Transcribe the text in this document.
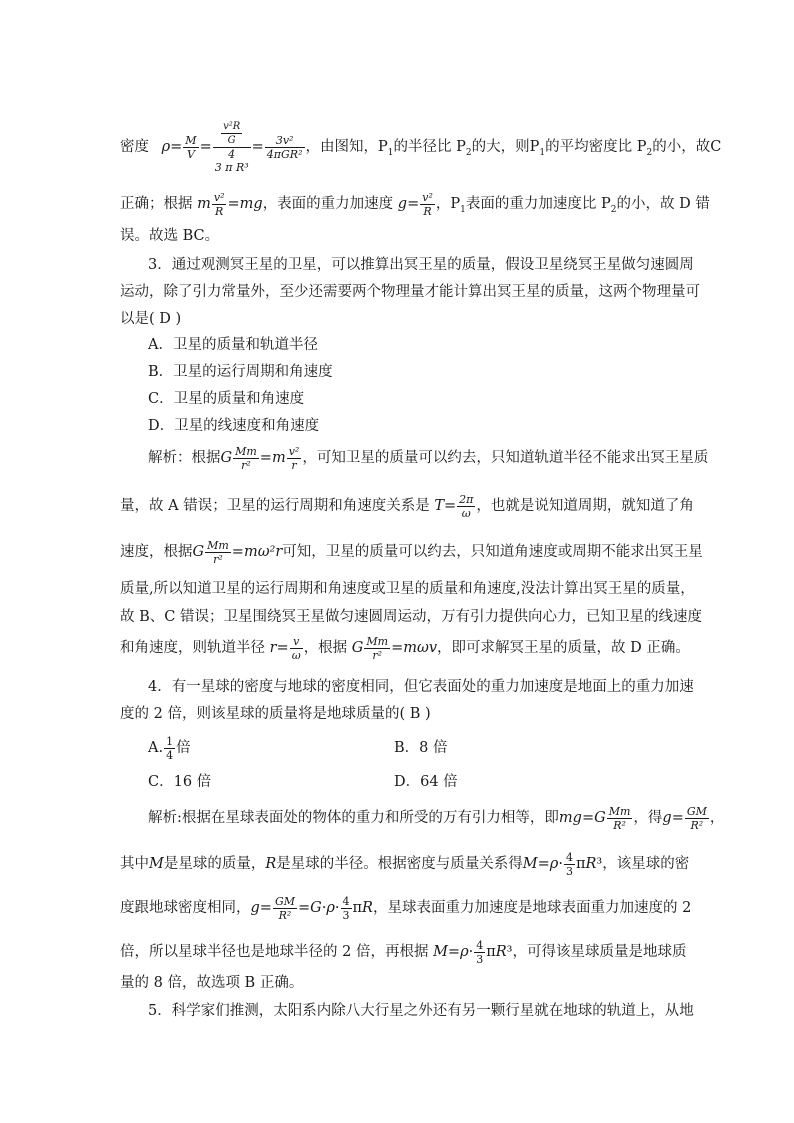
密度 $\rho= \frac{M}{V} = \frac{\text{v²R}}{G}$
4
3 π R³
=	3v²
4πGR² ，由图知，$P_1$的半径比 $P_2$的大，则$P_1$的平均密度比 $P_2$的小，故C
正确；根据 m $\frac{\text{v²}}{R} =mg$，表面的重力加速度 $g= \frac{\text{v²}}{R}$ ，$P_1$表面的重力加速度比 $P_2$的小，故 D 错
误。故选 BC。
3．通过观测冥王星的卫星，可以推算出冥王星的质量，假设卫星绕冥王星做匀速圆周
运动，除了引力常量外，至少还需要两个物理量才能计算出冥王星的质量，这两个物理量可
以是( D )
A．卫星的质量和轨道半径
B．卫星的运行周期和角速度
C．卫星的质量和角速度
D．卫星的线速度和角速度
解析：根据G $\frac{Mm}{\text{r²}} =m \frac{\text{v²}}{r}$ ，可知卫星的质量可以约去，只知道轨道半径不能求出冥王星质
量，故 A 错误；卫星的运行周期和角速度关系是 $T= \frac{2\pi}{\omega}$ ，也就是说知道周期，就知道了角
速度，根据G $\frac{Mm}{\text{r²}} =m\omega^2r$可知，卫星的质量可以约去，只知道角速度或周期不能求出冥王星
质量,所以知道卫星的运行周期和角速度或卫星的质量和角速度,没法计算出冥王星的质量，
故 B、C 错误；卫星围绕冥王星做匀速圆周运动，万有引力提供向心力，已知卫星的线速度
和角速度，则轨道半径 $r= \frac{v}{\omega}$ ，根据 G $\frac{Mm}{\text{r²}} =m\omega v$，即可求解冥王星的质量，故 D 正确。
4．有一星球的密度与地球的密度相同，但它表面处的重力加速度是地面上的重力加速
度的 2 倍，则该星球的质量将是地球质量的( B )
A. $\frac{1}{4}$ 倍	B．8 倍
C．16 倍	D．64 倍
解析:根据在星球表面处的物体的重力和所受的万有引力相等，即$mg=G \frac{Mm}{\text{R²}}$ ，得$g= \frac{GM}{\text{R²}}$ ，
其中M是星球的质量，R是星球的半径。根据密度与质量关系得$M=\rho\cdot \frac{4}{3} \pi R^3$，该星球的密
度跟地球密度相同，$g= \frac{GM}{\text{R²}} =G\cdot\rho\cdot \frac{4}{3}$ πR，星球表面重力加速度是地球表面重力加速度的 2
倍，所以星球半径也是地球半径的 2 倍，再根据 $M=\rho\cdot \frac{4}{3} \pi R^3$，可得该星球质量是地球质
量的 8 倍，故选项 B 正确。
5．科学家们推测，太阳系内除八大行星之外还有另一颗行星就在地球的轨道上，从地
